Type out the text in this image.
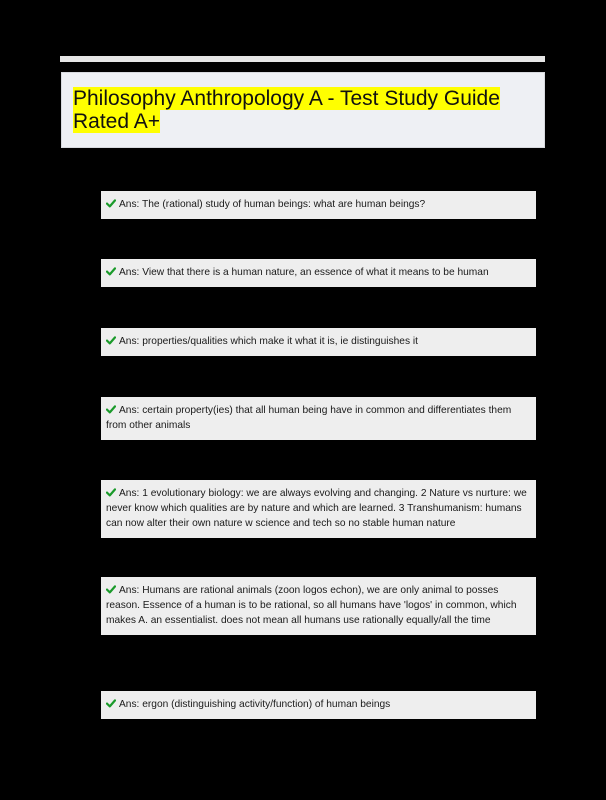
Philosophy Anthropology A - Test Study Guide
Rated A+
Ans: The (rational) study of human beings: what are human beings?
Ans: View that there is a human nature, an essence of what it means to be human
Ans: properties/qualities which make it what it is, ie distinguishes it
Ans: certain property(ies) that all human being have in common and differentiates them from other animals
Ans: 1 evolutionary biology: we are always evolving and changing. 2 Nature vs nurture: we never know which qualities are by nature and which are learned. 3 Transhumanism: humans can now alter their own nature w science and tech so no stable human nature
Ans: Humans are rational animals (zoon logos echon), we are only animal to posses reason. Essence of a human is to be rational, so all humans have 'logos' in common, which makes A. an essentialist. does not mean all humans use rationally equally/all the time
Ans: ergon (distinguishing activity/function) of human beings
